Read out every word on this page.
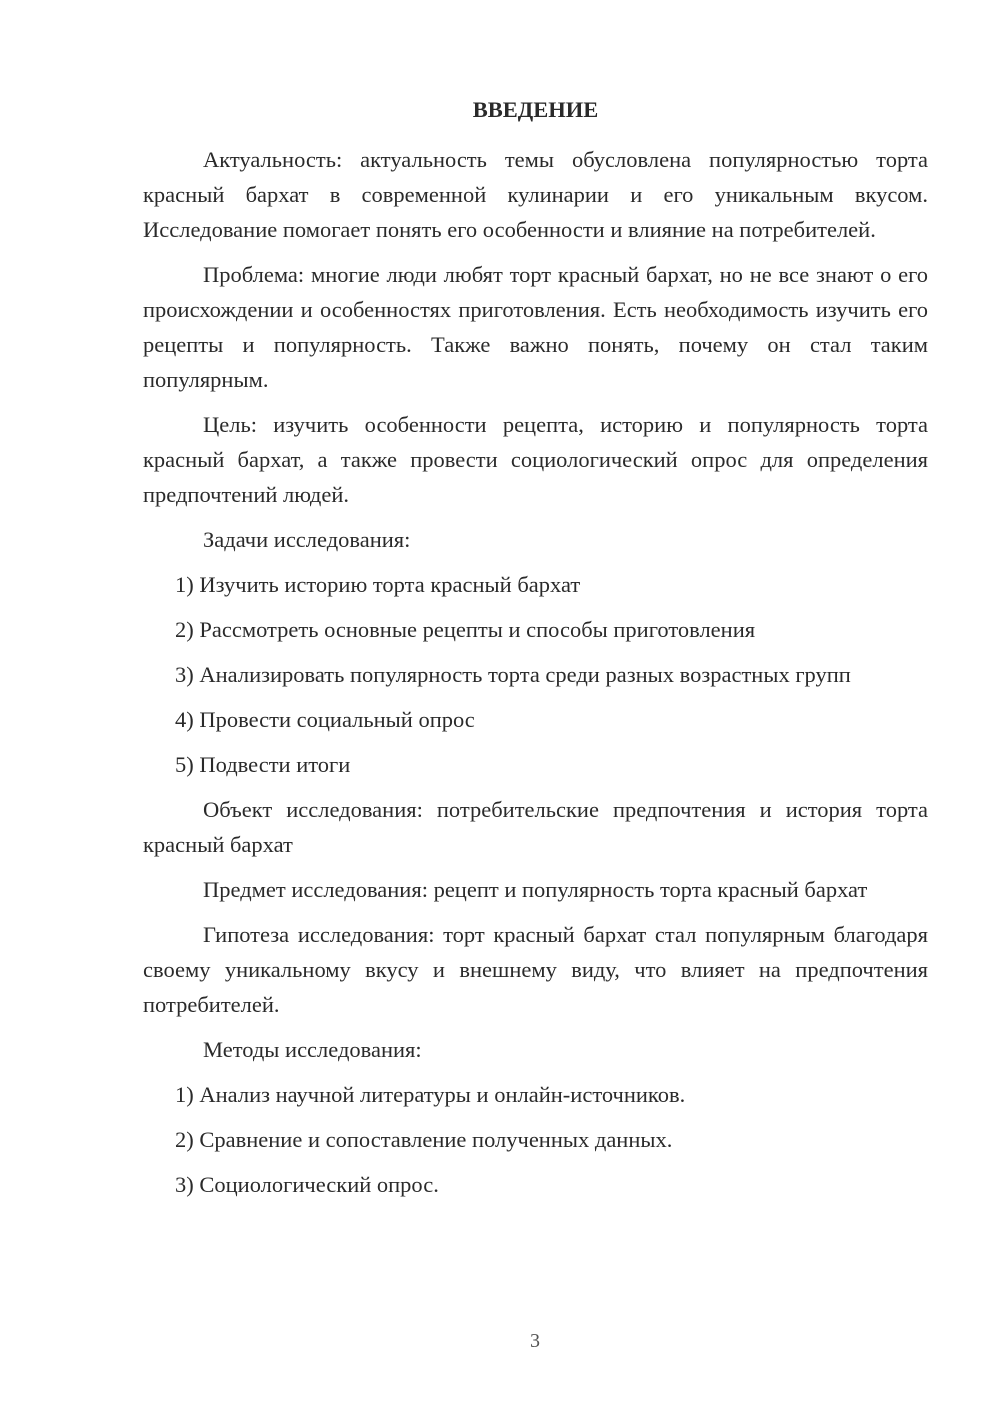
ВВЕДЕНИЕ

Актуальность: актуальность темы обусловлена популярностью торта красный бархат в современной кулинарии и его уникальным вкусом. Исследование помогает понять его особенности и влияние на потребителей.

Проблема: многие люди любят торт красный бархат, но не все знают о его происхождении и особенностях приготовления. Есть необходимость изучить его рецепты и популярность. Также важно понять, почему он стал таким популярным.

Цель: изучить особенности рецепта, историю и популярность торта красный бархат, а также провести социологический опрос для определения предпочтений людей.

Задачи исследования:
1) Изучить историю торта красный бархат
2) Рассмотреть основные рецепты и способы приготовления
3) Анализировать популярность торта среди разных возрастных групп
4) Провести социальный опрос
5) Подвести итоги

Объект исследования: потребительские предпочтения и история торта красный бархат

Предмет исследования: рецепт и популярность торта красный бархат

Гипотеза исследования: торт красный бархат стал популярным благодаря своему уникальному вкусу и внешнему виду, что влияет на предпочтения потребителей.

Методы исследования:
1) Анализ научной литературы и онлайн-источников.
2) Сравнение и сопоставление полученных данных.
3) Социологический опрос.
3
